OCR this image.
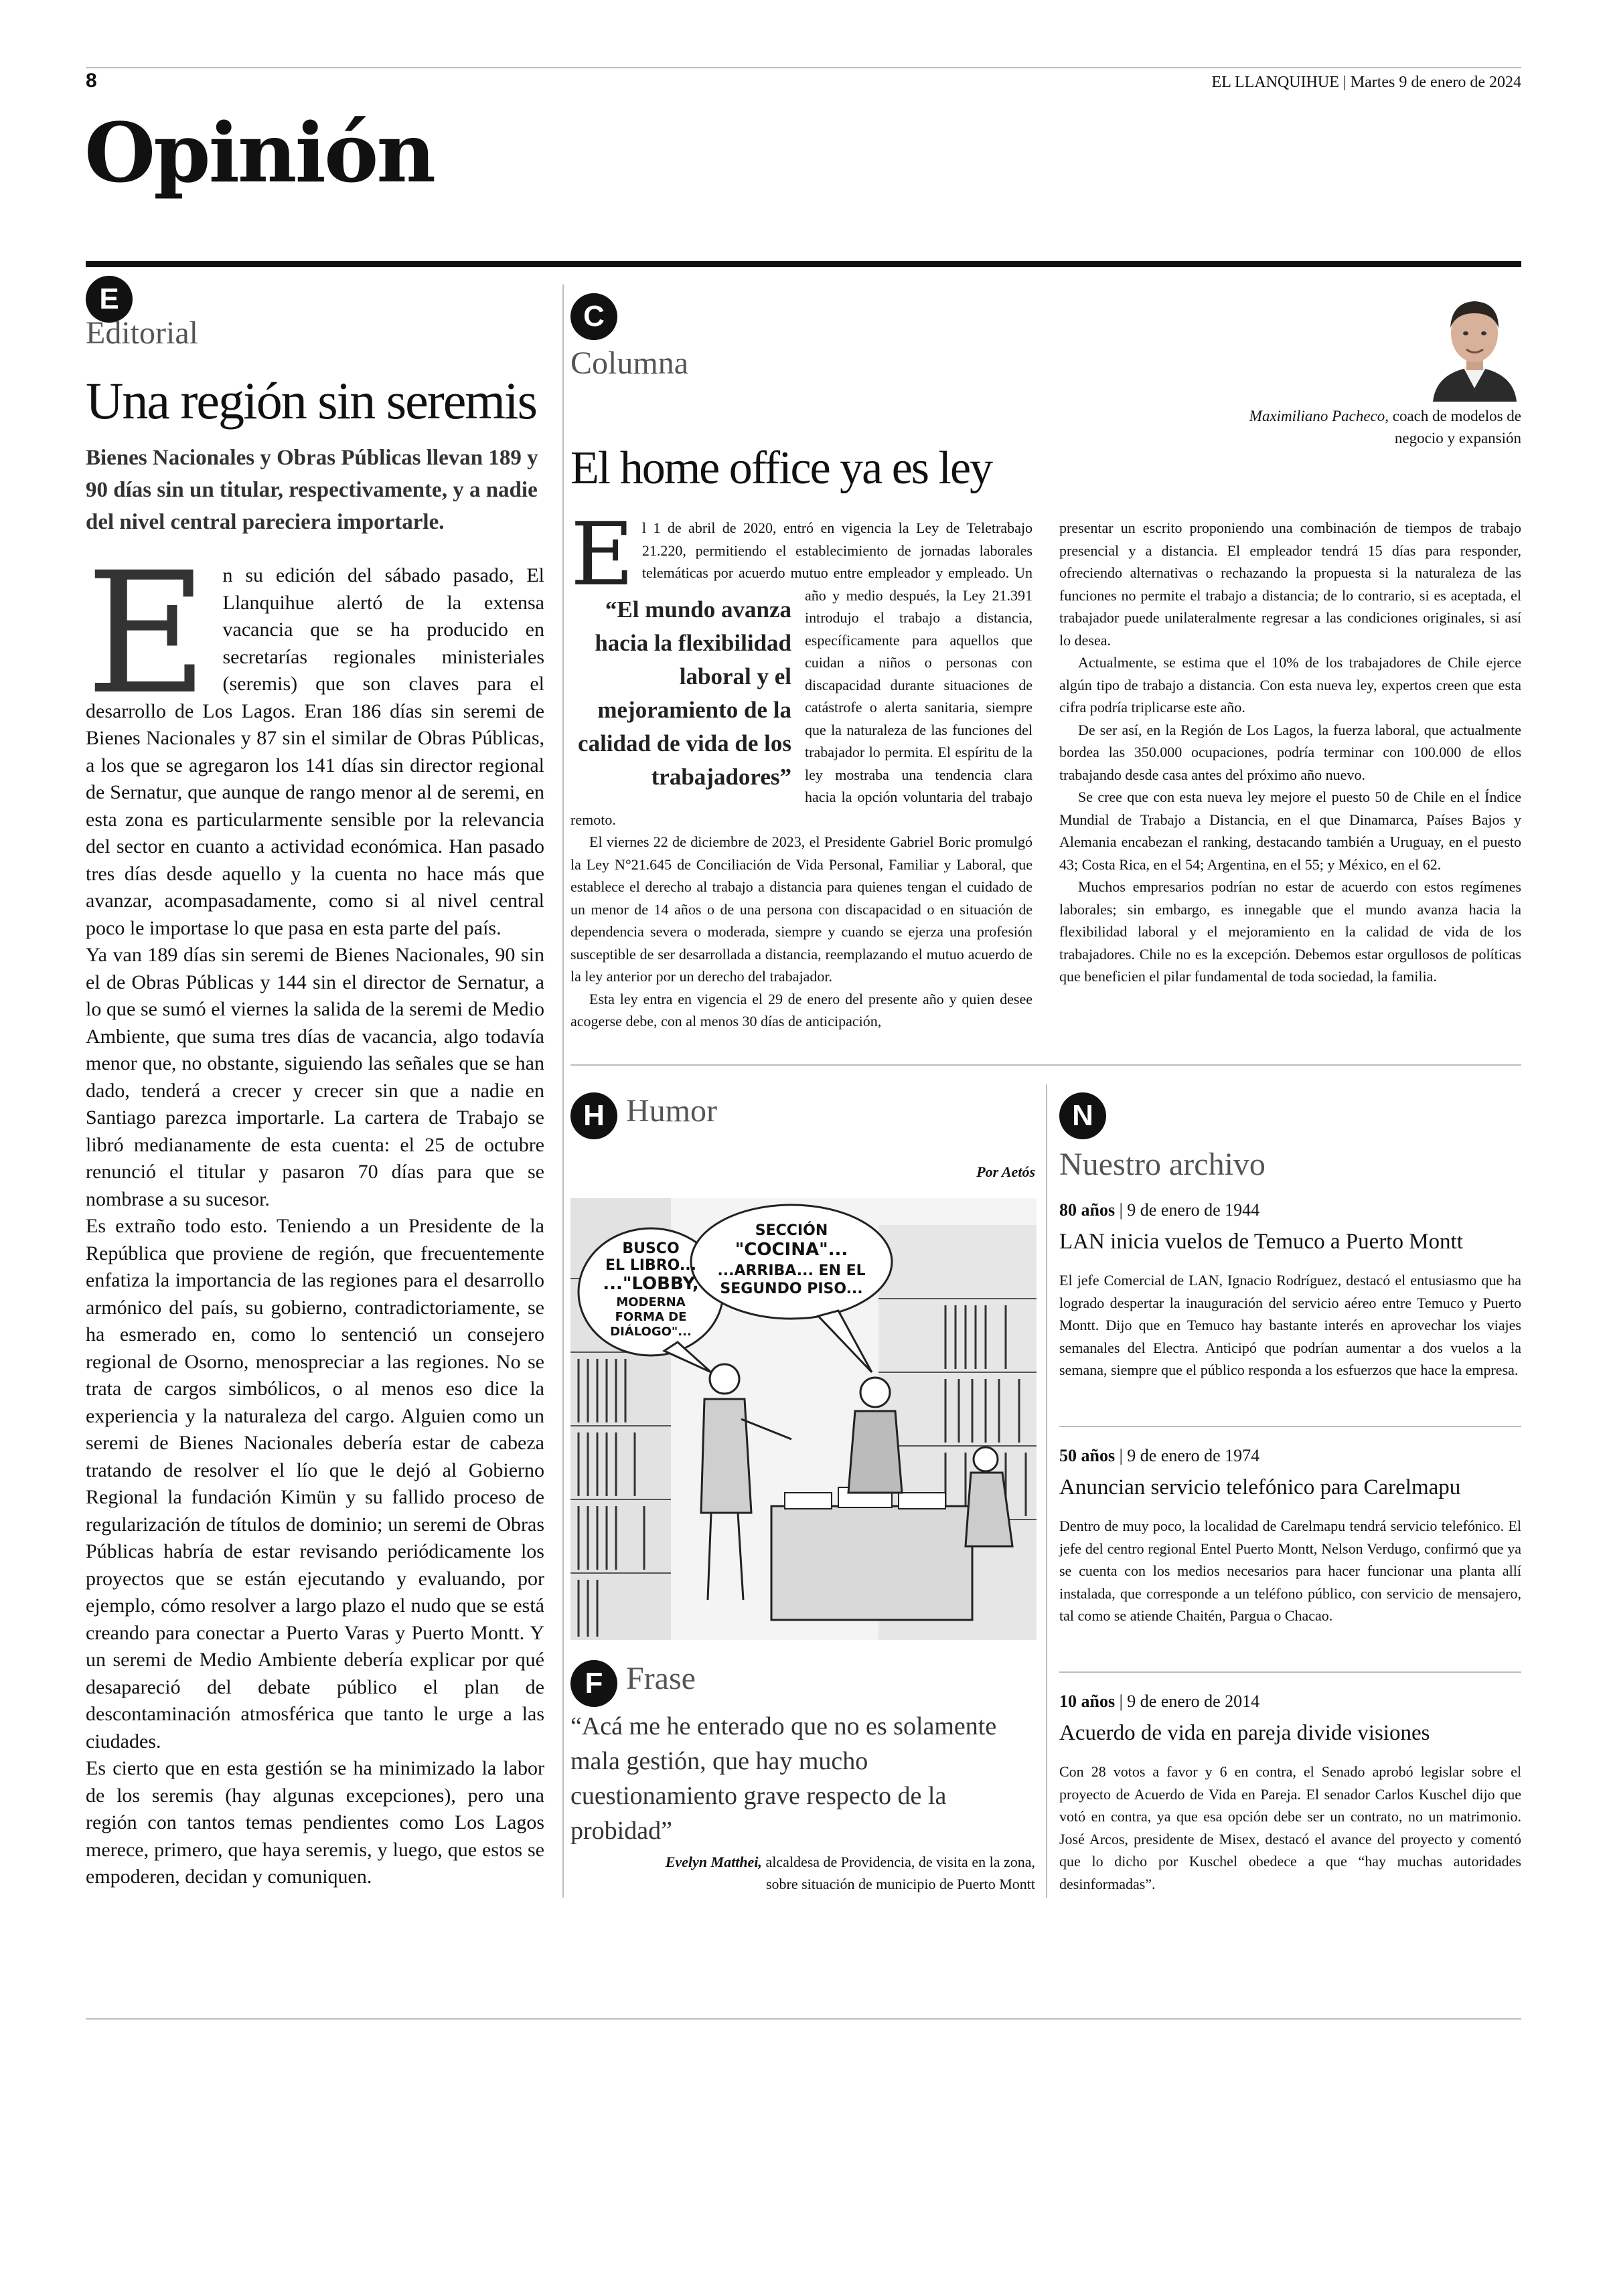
8	EL LLANQUIHUE | Martes 9 de enero de 2024
Opinión
E
Editorial
Una región sin seremis
Bienes Nacionales y Obras Públicas llevan 189 y 90 días sin un titular, respectivamente, y a nadie del nivel central pareciera importarle.
E n su edición del sábado pasado, El Llanquihue alertó de la extensa vacancia que se ha producido en secretarías regionales ministeriales (seremis) que son claves para el desarrollo de Los Lagos. Eran 186 días sin seremi de Bienes Nacionales y 87 sin el similar de Obras Públicas, a los que se agregaron los 141 días sin director regional de Sernatur, que aunque de rango menor al de seremi, en esta zona es particularmente sensible por la relevancia del sector en cuanto a actividad económica. Han pasado tres días desde aquello y la cuenta no hace más que avanzar, acompasadamente, como si al nivel central poco le importase lo que pasa en esta parte del país.

Ya van 189 días sin seremi de Bienes Nacionales, 90 sin el de Obras Públicas y 144 sin el director de Sernatur, a lo que se sumó el viernes la salida de la seremi de Medio Ambiente, que suma tres días de vacancia, algo todavía menor que, no obstante, siguiendo las señales que se han dado, tenderá a crecer y crecer sin que a nadie en Santiago parezca importarle. La cartera de Trabajo se libró medianamente de esta cuenta: el 25 de octubre renunció el titular y pasaron 70 días para que se nombrase a su sucesor.

Es extraño todo esto. Teniendo a un Presidente de la República que proviene de región, que frecuentemente enfatiza la importancia de las regiones para el desarrollo armónico del país, su gobierno, contradictoriamente, se ha esmerado en, como lo sentenció un consejero regional de Osorno, menospreciar a las regiones. No se trata de cargos simbólicos, o al menos eso dice la experiencia y la naturaleza del cargo. Alguien como un seremi de Bienes Nacionales debería estar de cabeza tratando de resolver el lío que le dejó al Gobierno Regional la fundación Kimün y su fallido proceso de regularización de títulos de dominio; un seremi de Obras Públicas habría de estar revisando periódicamente los proyectos que se están ejecutando y evaluando, por ejemplo, cómo resolver a largo plazo el nudo que se está creando para conectar a Puerto Varas y Puerto Montt. Y un seremi de Medio Ambiente debería explicar por qué desapareció del debate público el plan de descontaminación atmosférica que tanto le urge a las ciudades.

Es cierto que en esta gestión se ha minimizado la labor de los seremis (hay algunas excepciones), pero una región con tantos temas pendientes como Los Lagos merece, primero, que haya seremis, y luego, que estos se empoderen, decidan y comuniquen.

C
Columna
Maximiliano Pacheco, coach de modelos de negocio y expansión
El home office ya es ley
E
“El mundo avanza hacia la flexibilidad laboral y el mejoramiento de la calidad de vida de los trabajadores”

l 1 de abril de 2020, entró en vigencia la Ley de Teletrabajo 21.220, permitiendo el establecimiento de jornadas laborales telemáticas por acuerdo mutuo entre empleador y empleado. Un año y medio después, la Ley 21.391 introdujo el trabajo a distancia, específicamente para aquellos que cuidan a niños o personas con discapacidad durante situaciones de catástrofe o alerta sanitaria, siempre que la naturaleza de las funciones del trabajador lo permita. El espíritu de la ley mostraba una tendencia clara hacia la opción voluntaria del trabajo remoto.

El viernes 22 de diciembre de 2023, el Presidente Gabriel Boric promulgó la Ley N°21.645 de Conciliación de Vida Personal, Familiar y Laboral, que establece el derecho al trabajo a distancia para quienes tengan el cuidado de un menor de 14 años o de una persona con discapacidad o en situación de dependencia severa o moderada, siempre y cuando se ejerza una profesión susceptible de ser desarrollada a distancia, reemplazando el mutuo acuerdo de la ley anterior por un derecho del trabajador.

Esta ley entra en vigencia el 29 de enero del presente año y quien desee acogerse debe, con al menos 30 días de anticipación,

presentar un escrito proponiendo una combinación de tiempos de trabajo presencial y a distancia. El empleador tendrá 15 días para responder, ofreciendo alternativas o rechazando la propuesta si la naturaleza de las funciones no permite el trabajo a distancia; de lo contrario, si es aceptada, el trabajador puede unilateralmente regresar a las condiciones originales, si así lo desea.

Actualmente, se estima que el 10% de los trabajadores de Chile ejerce algún tipo de trabajo a distancia. Con esta nueva ley, expertos creen que esta cifra podría triplicarse este año.

De ser así, en la Región de Los Lagos, la fuerza laboral, que actualmente bordea las 350.000 ocupaciones, podría terminar con 100.000 de ellos trabajando desde casa antes del próximo año nuevo.

Se cree que con esta nueva ley mejore el puesto 50 de Chile en el Índice Mundial de Trabajo a Distancia, en el que Dinamarca, Países Bajos y Alemania encabezan el ranking, destacando también a Uruguay, en el puesto 43; Costa Rica, en el 54; Argentina, en el 55; y México, en el 62.

Muchos empresarios podrían no estar de acuerdo con estos regímenes laborales; sin embargo, es innegable que el mundo avanza hacia la flexibilidad laboral y el mejoramiento en la calidad de vida de los trabajadores. Chile no es la excepción. Debemos estar orgullosos de políticas que beneficien el pilar fundamental de toda sociedad, la familia.

H Humor
Por Aetós
BUSCO
EL LIBRO...
..."LOBBY,
MODERNA
FORMA DE
DIÁLOGO"...
SECCIÓN
"COCINA"...
...ARRIBA... EN EL
SEGUNDO PISO...
F Frase
“Acá me he enterado que no es solamente mala gestión, que hay mucho cuestionamiento grave respecto de la probidad”
Evelyn Matthei, alcaldesa de Providencia, de visita en la zona, sobre situación de municipio de Puerto Montt
N
Nuestro archivo
80 años | 9 de enero de 1944
LAN inicia vuelos de Temuco a Puerto Montt
El jefe Comercial de LAN, Ignacio Rodríguez, destacó el entusiasmo que ha logrado despertar la inauguración del servicio aéreo entre Temuco y Puerto Montt. Dijo que en Temuco hay bastante interés en aprovechar los viajes semanales del Electra. Anticipó que podrían aumentar a dos vuelos a la semana, siempre que el público responda a los esfuerzos que hace la empresa.
50 años | 9 de enero de 1974
Anuncian servicio telefónico para Carelmapu
Dentro de muy poco, la localidad de Carelmapu tendrá servicio telefónico. El jefe del centro regional Entel Puerto Montt, Nelson Verdugo, confirmó que ya se cuenta con los medios necesarios para hacer funcionar una planta allí instalada, que corresponde a un teléfono público, con servicio de mensajero, tal como se atiende Chaitén, Pargua o Chacao.
10 años | 9 de enero de 2014
Acuerdo de vida en pareja divide visiones
Con 28 votos a favor y 6 en contra, el Senado aprobó legislar sobre el proyecto de Acuerdo de Vida en Pareja. El senador Carlos Kuschel dijo que votó en contra, ya que esa opción debe ser un contrato, no un matrimonio. José Arcos, presidente de Misex, destacó el avance del proyecto y comentó que lo dicho por Kuschel obedece a que “hay muchas autoridades desinformadas”.
